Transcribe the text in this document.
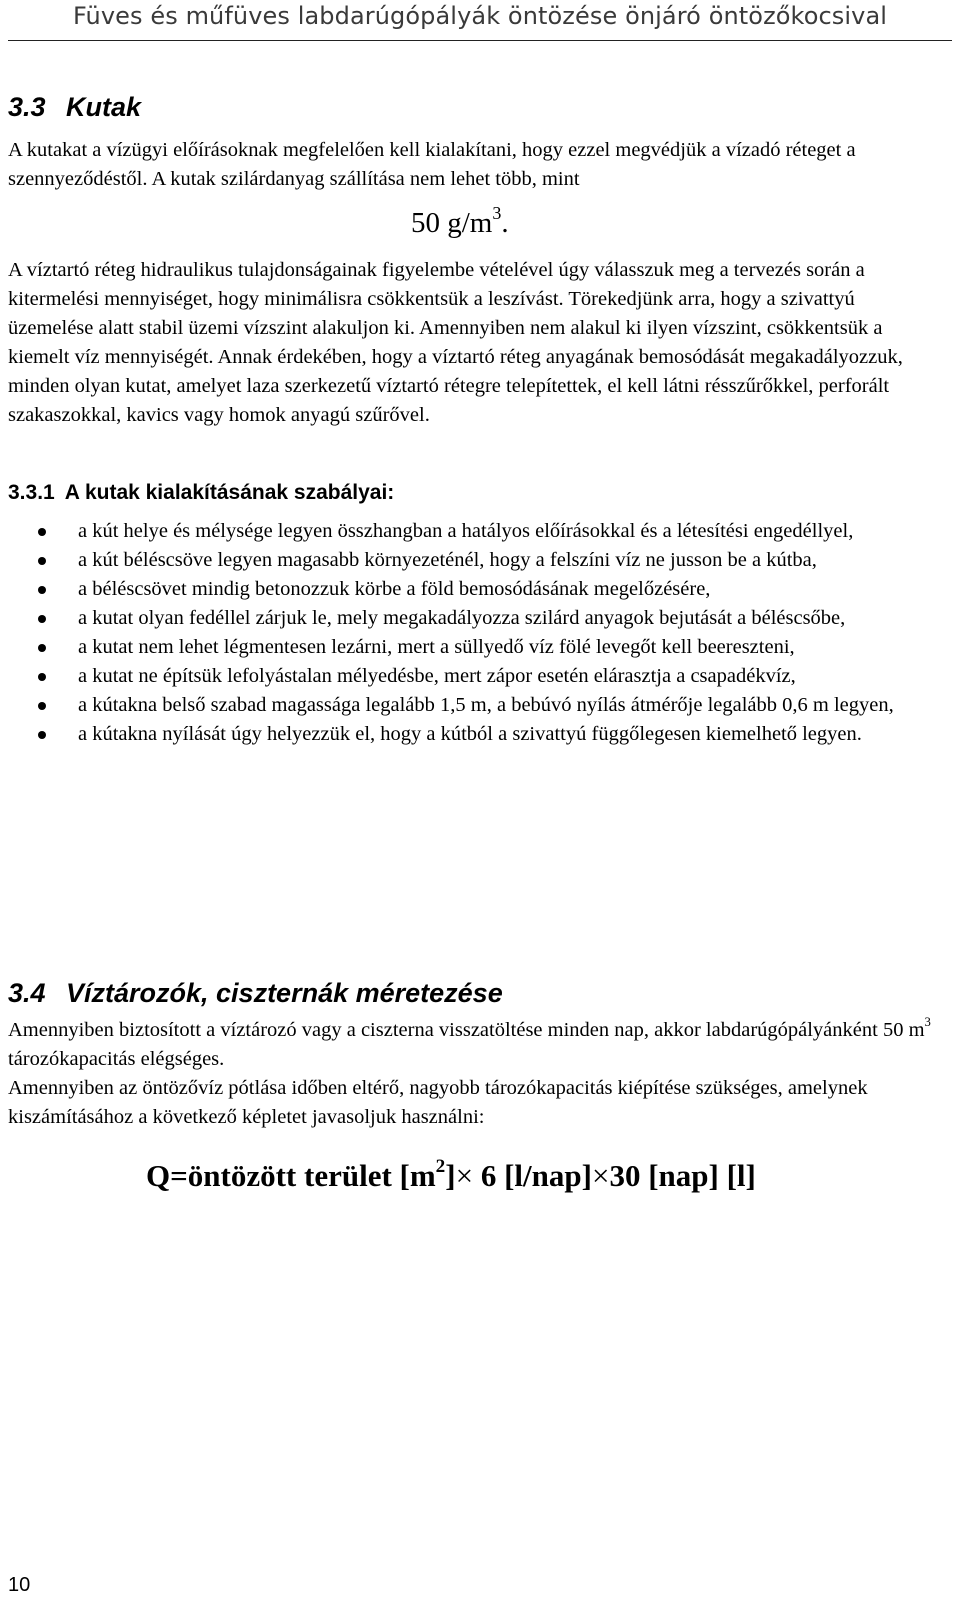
Füves és műfüves labdarúgópályák öntözése önjáró öntözőkocsival
3.3 Kutak
A kutakat a vízügyi előírásoknak megfelelően kell kialakítani, hogy ezzel megvédjük a vízadó réteget a szennyeződéstől. A kutak szilárdanyag szállítása nem lehet több, mint
50 $g/m^3$.
A víztartó réteg hidraulikus tulajdonságainak figyelembe vételével úgy válasszuk meg a tervezés során a kitermelési mennyiséget, hogy minimálisra csökkentsük a leszívást. Törekedjünk arra, hogy a szivattyú üzemelése alatt stabil üzemi vízszint alakuljon ki. Amennyiben nem alakul ki ilyen vízszint, csökkentsük a kiemelt víz mennyiségét. Annak érdekében, hogy a víztartó réteg anyagának bemosódását megakadályozzuk, minden olyan kutat, amelyet laza szerkezetű víztartó rétegre telepítettek, el kell látni résszűrőkkel, perforált szakaszokkal, kavics vagy homok anyagú szűrővel.
3.3.1 A kutak kialakításának szabályai:
a kút helye és mélysége legyen összhangban a hatályos előírásokkal és a létesítési engedéllyel,
a kút béléscsöve legyen magasabb környezeténél, hogy a felszíni víz ne jusson be a kútba,
a béléscsövet mindig betonozzuk körbe a föld bemosódásának megelőzésére,
a kutat olyan fedéllel zárjuk le, mely megakadályozza szilárd anyagok bejutását a béléscsőbe,
a kutat nem lehet légmentesen lezárni, mert a süllyedő víz fölé levegőt kell beereszteni,
a kutat ne építsük lefolyástalan mélyedésbe, mert zápor esetén elárasztja a csapadékvíz,
a kútakna belső szabad magassága legalább 1,5 m, a bebúvó nyílás átmérője legalább 0,6 m legyen,
a kútakna nyílását úgy helyezzük el, hogy a kútból a szivattyú függőlegesen kiemelhető legyen.
3.4 Víztározók, ciszternák méretezése
Amennyiben biztosított a víztározó vagy a ciszterna visszatöltése minden nap, akkor labdarúgópályánként 50 $m^3$ tározókapacitás elégséges.
Amennyiben az öntözővíz pótlása időben eltérő, nagyobb tározókapacitás kiépítése szükséges, amelynek kiszámításához a következő képletet javasoljuk használni:
Q=öntözött terület $[m^2]\times 6$ [l/nap]×30 [nap] [l]
10
